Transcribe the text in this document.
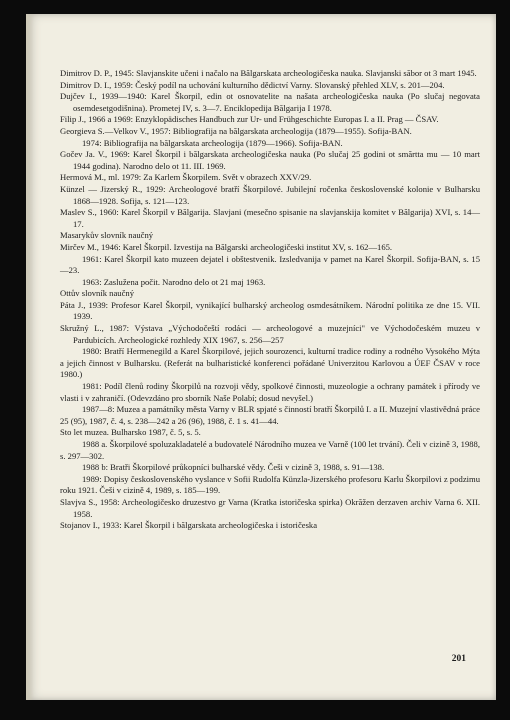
Dimitrov D. P., 1945: Slavjanskite učeni i načalo na Bălgarskata archeologičeska nauka. Slavjanski săbor ot 3 mart 1945.

Dimitrov D. I., 1959: Český podíl na uchování kulturního dědictví Varny. Slovanský přehled XLV, s. 201—204.

Dujčev I., 1939—1940: Karel Škorpil, edin ot osnovatelite na našata archeologičeska nauka (Po slučaj negovata osemdesetgodišnina). Prometej IV, s. 3—7. Enciklopedija Bălgarija I 1978.

Filip J., 1966 a 1969: Enzyklopädisches Handbuch zur Ur- und Frühgeschichte Europas I. a II. Prag — ČSAV.

Georgieva S.—Velkov V., 1957: Bibliografija na bălgarskata archeologija (1879—1955). Sofija-BAN.

1974: Bibliografija na bălgarskata archeologija (1879—1966). Sofija-BAN.

Gočev Ja. V., 1969: Karel Škorpil i bălgarskata archeologičeska nauka (Po slučaj 25 godini ot smărtta mu — 10 mart 1944 godina). Narodno delo ot 11. III. 1969.

Hermová M., ml. 1979: Za Karlem Škorpilem. Svět v obrazech XXV/29.

Künzel — Jizerský R., 1929: Archeologové bratří Škorpilové. Jubilejní ročenka československé kolonie v Bulharsku 1868—1928. Sofija, s. 121—123.

Maslev S., 1960: Karel Škorpil v Bălgarija. Slavjani (mesečno spisanie na slavjanskija komitet v Bălgarija) XVI, s. 14—17.

Masarykův slovník naučný

Mirčev M., 1946: Karel Škorpil. Izvestija na Bălgarski archeologičeski institut XV, s. 162—165.

1961: Karel Škorpil kato muzeen dejatel i obštestvenik. Izsledvanija v pamet na Karel Škorpil. Sofija-BAN, s. 15—23.

1963: Zaslužena počit. Narodno delo ot 21 maj 1963.

Ottův slovník naučný

Páta J., 1939: Profesor Karel Škorpil, vynikající bulharský archeolog osmdesátníkem. Národní politika ze dne 15. VII. 1939.

Skružný L., 1987: Výstava „Východočeští rodáci — archeologové a muzejníci" ve Východočeském muzeu v Pardubicích. Archeologické rozhledy XIX 1967, s. 256—257

1980: Bratří Hermenegild a Karel Škorpilové, jejich sourozenci, kulturní tradice rodiny a rodného Vysokého Mýta a jejich činnost v Bulharsku. (Referát na bulharistické konferenci pořádané Univerzitou Karlovou a ÚEF ČSAV v roce 1980.)

1981: Podíl členů rodiny Škorpilů na rozvoji vědy, spolkové činnosti, muzeologie a ochrany památek i přírody ve vlasti i v zahraničí. (Odevzdáno pro sborník Naše Polabí; dosud nevyšel.)

1987—8: Muzea a památníky města Varny v BLR spjaté s činností bratří Škorpilů I. a II. Muzejní vlastivědná práce 25 (95), 1987, č. 4, s. 238—242 a 26 (96), 1988, č. 1 s. 41—44.

Sto let muzea. Bulharsko 1987, č. 5, s. 5.

1988 a. Škorpilové spoluzakladatelé a budovatelé Národního muzea ve Varně (100 let trvání). Čeli v cizině 3, 1988, s. 297—302.

1988 b: Bratři Škorpilové průkopníci bulharské vědy. Češi v cizině 3, 1988, s. 91—138.

1989: Dopisy československého vyslance v Sofii Rudolfa Künzla-Jizerského profesoru Karlu Škorpilovi z podzimu roku 1921. Češi v cizině 4, 1989, s. 185—199.

Slavjva S., 1958: Archeologičesko druzestvo gr Varna (Kratka istoričeska spirka) Okrăžen derzaven archiv Varna 6. XII. 1958.

Stojanov I., 1933: Karel Škorpil i bălgarskata archeologičeska i istoričeska

201
